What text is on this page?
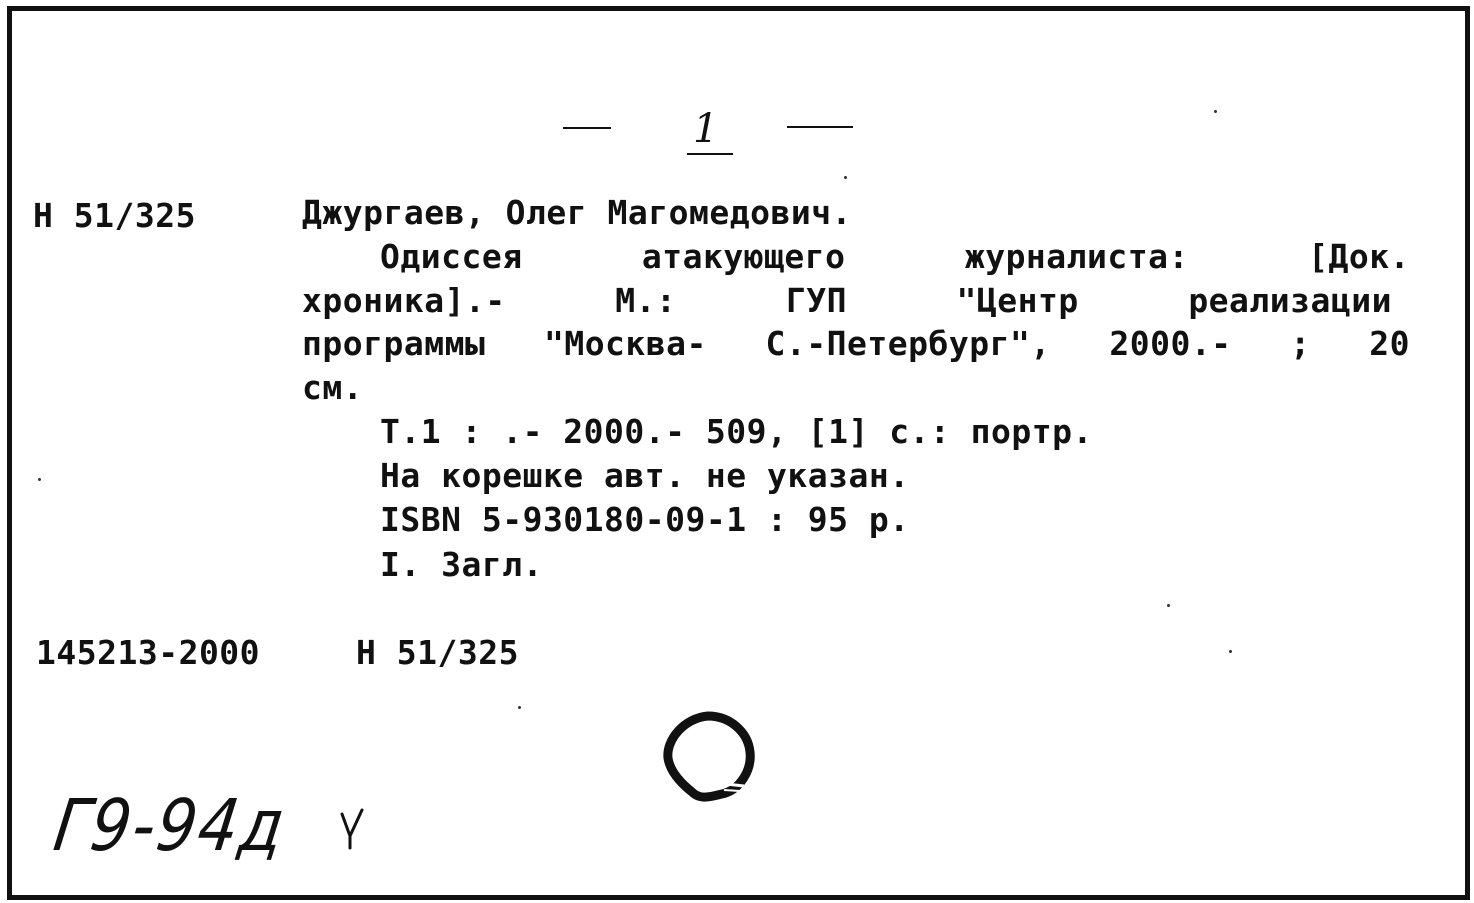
1
Н 51/325	Джургаев, Олег Магомедович.
Одиссея	атакующего	журналиста:	[Док.
хроника].-	М.:	ГУП	"Центр	реализации
программы "Москва- С.-Петербург", 2000.- ; 20
см.
Т.1 : .- 2000.- 509, [1] с.: портр.
На корешке авт. не указан.
ISBN 5-930180-09-1 : 95 р.
I. Загл.
145213-2000	Н 51/325
Г9-94д
